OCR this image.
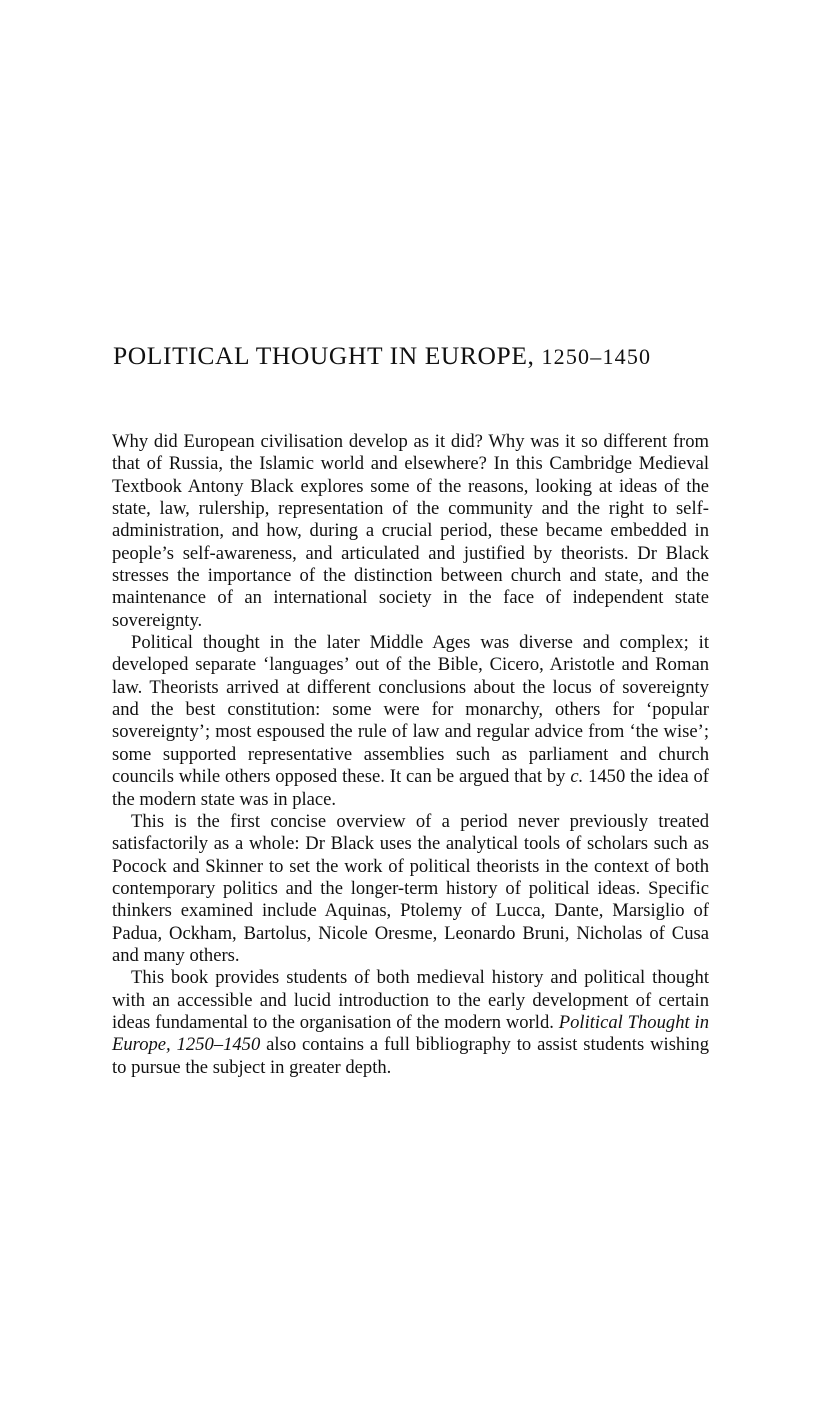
POLITICAL THOUGHT IN EUROPE, 1250–1450

Why did European civilisation develop as it did? Why was it so different from that of Russia, the Islamic world and elsewhere? In this Cambridge Medieval Textbook Antony Black explores some of the reasons, looking at ideas of the state, law, rulership, representation of the community and the right to self-administration, and how, during a crucial period, these became embedded in people’s self-awareness, and articulated and justified by theorists. Dr Black stresses the importance of the distinction between church and state, and the maintenance of an international society in the face of independent state sovereignty.

Political thought in the later Middle Ages was diverse and complex; it developed separate ‘languages’ out of the Bible, Cicero, Aristotle and Roman law. Theorists arrived at different conclusions about the locus of sovereignty and the best constitution: some were for monarchy, others for ‘popular sovereignty’; most espoused the rule of law and regular advice from ‘the wise’; some supported representative assemblies such as parliament and church councils while others opposed these. It can be argued that by c. 1450 the idea of the modern state was in place.

This is the first concise overview of a period never previously treated satisfactorily as a whole: Dr Black uses the analytical tools of scholars such as Pocock and Skinner to set the work of political theorists in the context of both contemporary politics and the longer-term history of political ideas. Specific thinkers examined include Aquinas, Ptolemy of Lucca, Dante, Marsiglio of Padua, Ockham, Bartolus, Nicole Oresme, Leonardo Bruni, Nicholas of Cusa and many others.

This book provides students of both medieval history and political thought with an accessible and lucid introduction to the early development of certain ideas fundamental to the organisation of the modern world. Political Thought in Europe, 1250–1450 also contains a full bibliography to assist students wishing to pursue the subject in greater depth.
